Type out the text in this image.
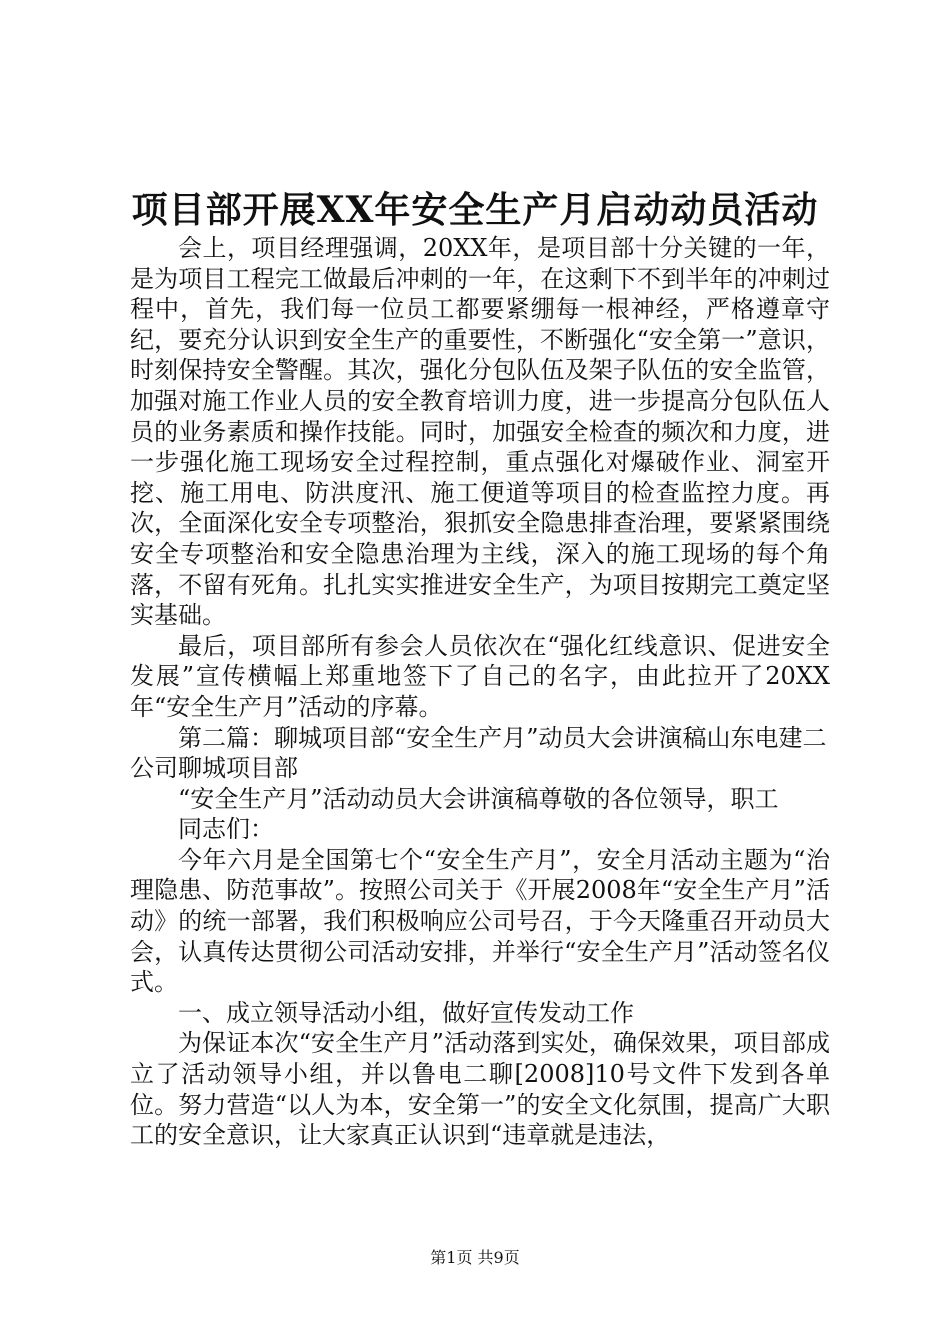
项目部开展XX年安全生产月启动动员活动

会上，项目经理强调，20XX年，是项目部十分关键的一年，是为项目工程完工做最后冲刺的一年，在这剩下不到半年的冲刺过程中，首先，我们每一位员工都要紧绷每一根神经，严格遵章守纪，要充分认识到安全生产的重要性，不断强化“安全第一”意识，时刻保持安全警醒。其次，强化分包队伍及架子队伍的安全监管，加强对施工作业人员的安全教育培训力度，进一步提高分包队伍人员的业务素质和操作技能。同时，加强安全检查的频次和力度，进一步强化施工现场安全过程控制，重点强化对爆破作业、洞室开挖、施工用电、防洪度汛、施工便道等项目的检查监控力度。再次，全面深化安全专项整治，狠抓安全隐患排查治理，要紧紧围绕安全专项整治和安全隐患治理为主线，深入的施工现场的每个角落，不留有死角。扎扎实实推进安全生产，为项目按期完工奠定坚实基础。

最后，项目部所有参会人员依次在“强化红线意识、促进安全发展”宣传横幅上郑重地签下了自己的名字，由此拉开了20XX年“安全生产月”活动的序幕。

第二篇：聊城项目部“安全生产月”动员大会讲演稿山东电建二公司聊城项目部

“安全生产月”活动动员大会讲演稿尊敬的各位领导，职工

同志们：

今年六月是全国第七个“安全生产月”，安全月活动主题为“治理隐患、防范事故”。按照公司关于《开展2008年“安全生产月”活动》的统一部署，我们积极响应公司号召，于今天隆重召开动员大会，认真传达贯彻公司活动安排，并举行“安全生产月”活动签名仪式。

一、成立领导活动小组，做好宣传发动工作

为保证本次“安全生产月”活动落到实处，确保效果，项目部成立了活动领导小组，并以鲁电二聊[2008]10号文件下发到各单位。努力营造“以人为本，安全第一”的安全文化氛围，提高广大职工的安全意识，让大家真正认识到“违章就是违法，

第1页 共9页
